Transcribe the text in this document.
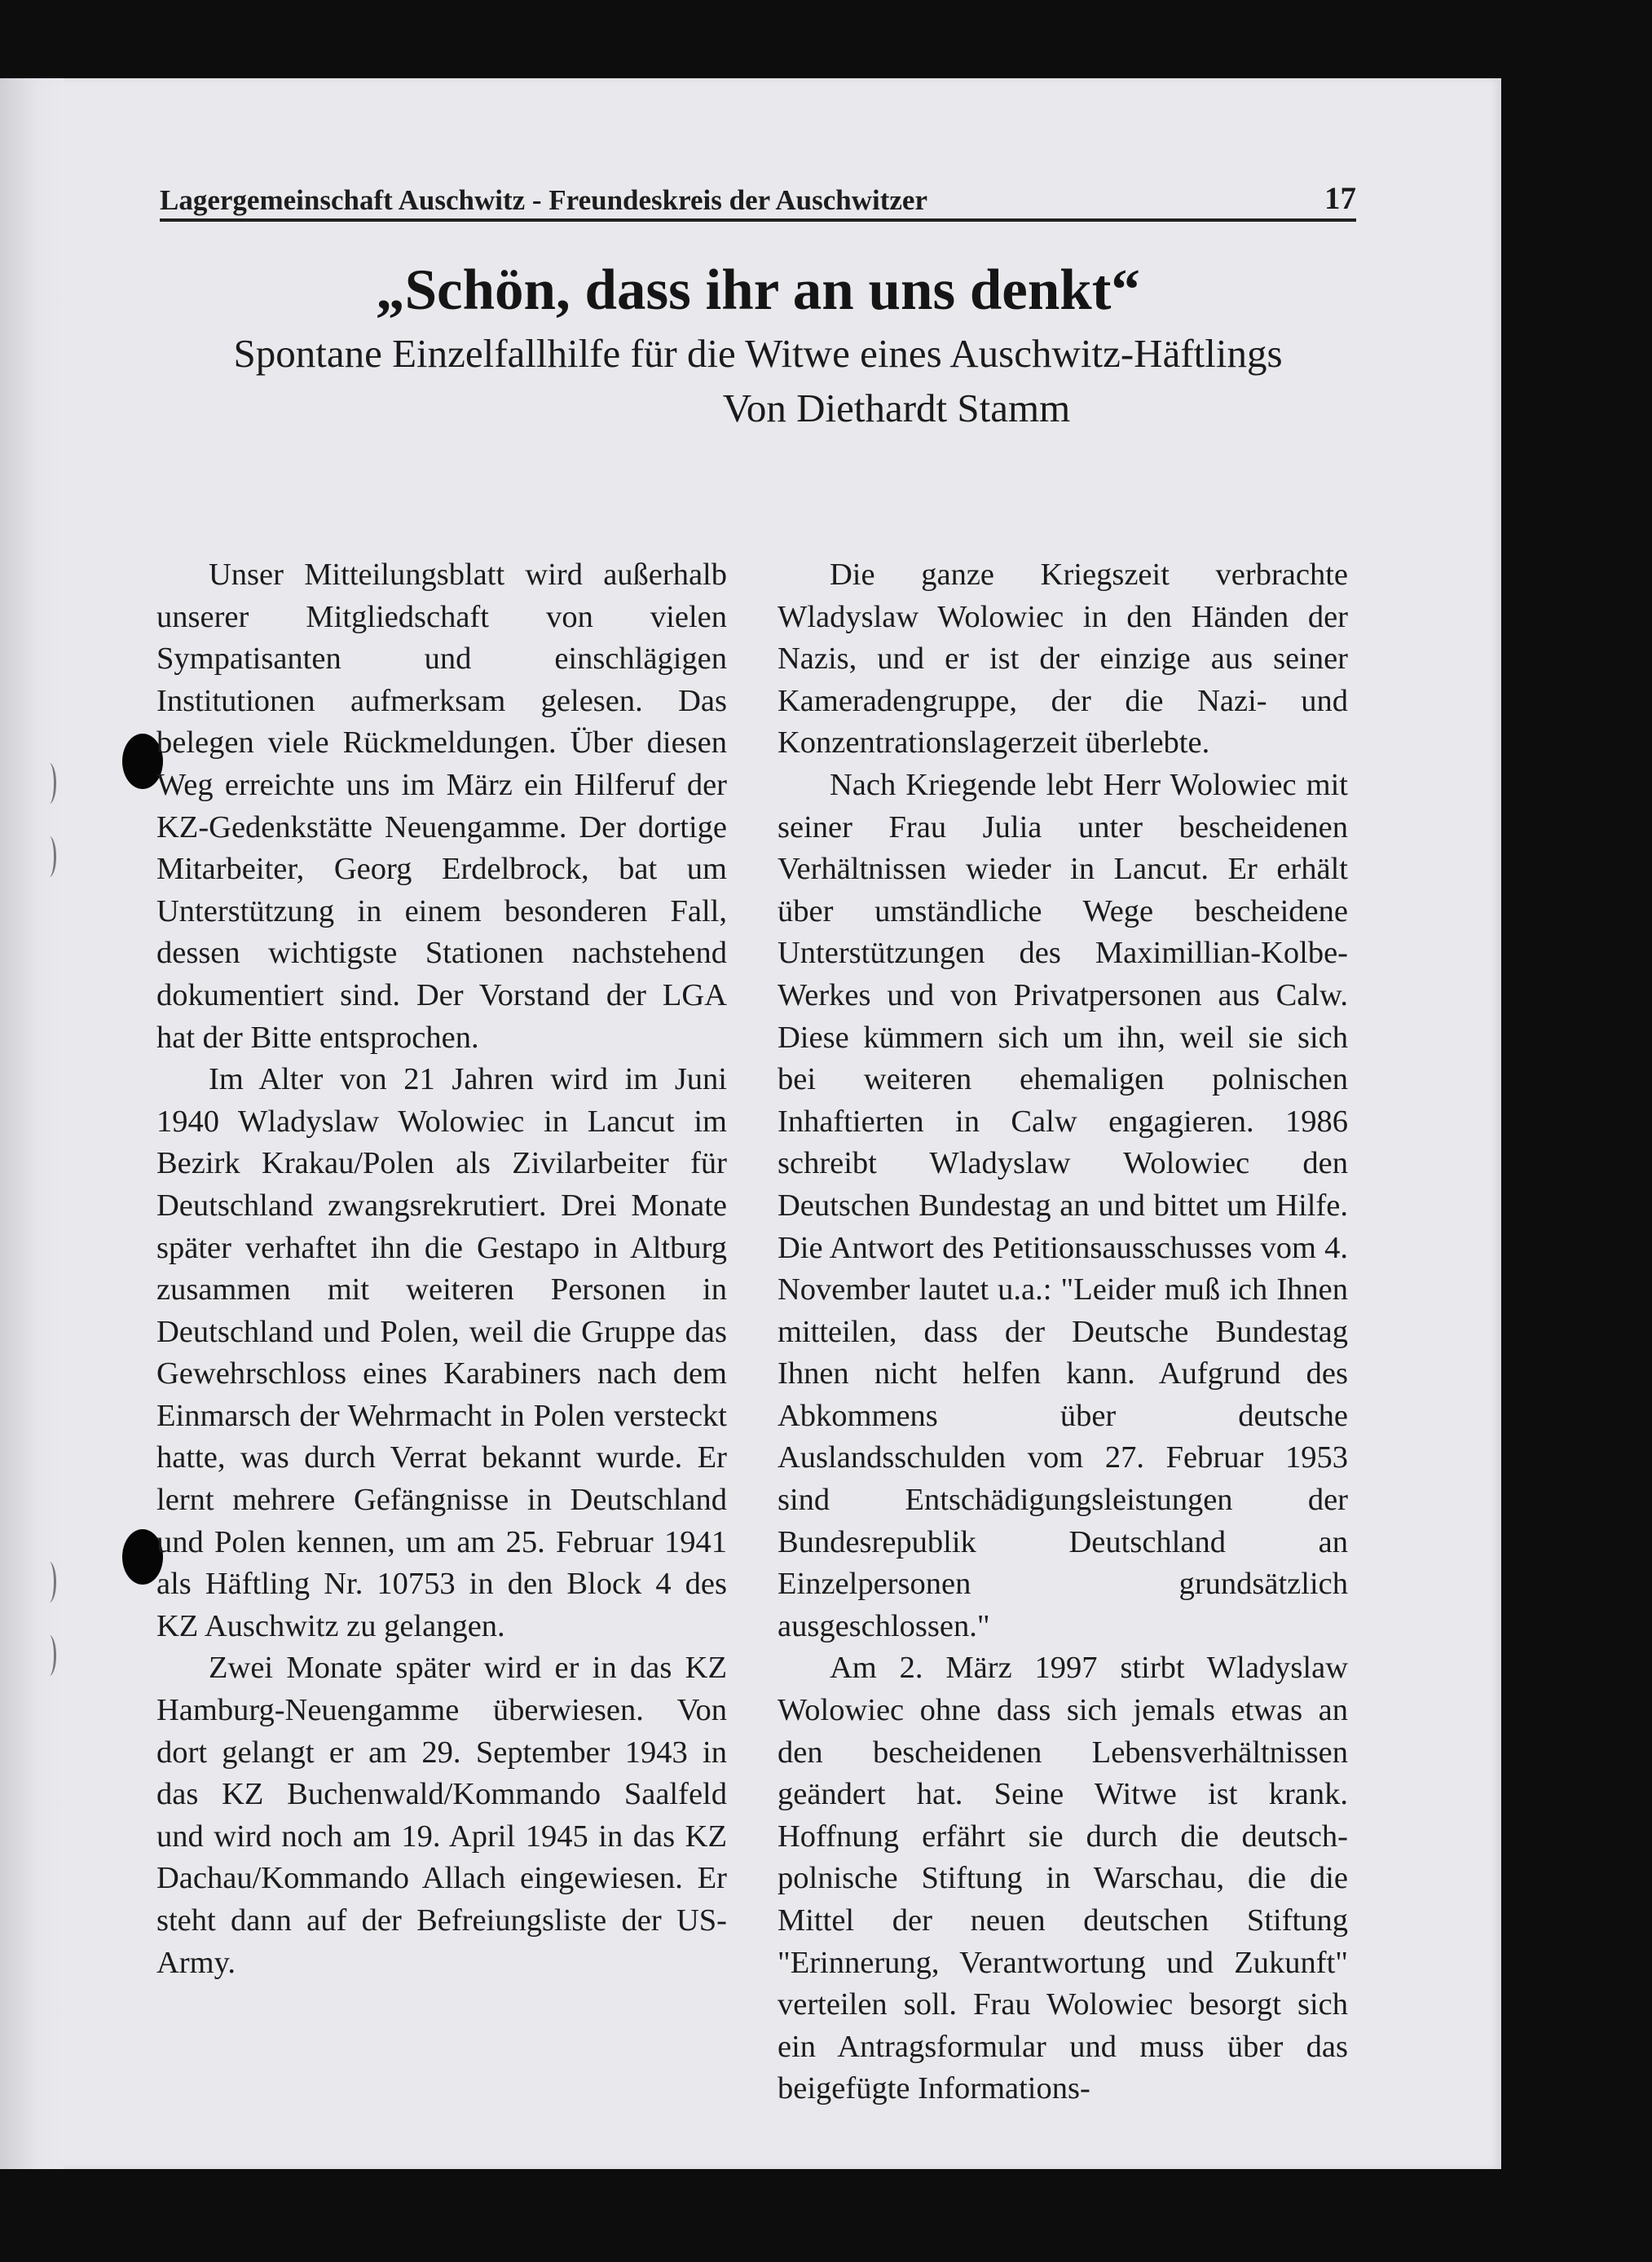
Lagergemeinschaft Auschwitz - Freundeskreis der Auschwitzer	17
„Schön, dass ihr an uns denkt“
Spontane Einzelfallhilfe für die Witwe eines Auschwitz-Häftlings
Von Diethardt Stamm

Unser Mitteilungsblatt wird außerhalb unserer Mitgliedschaft von vielen Sympatisanten und einschlägigen Institutionen aufmerksam gelesen. Das belegen viele Rückmeldungen. Über diesen Weg erreichte uns im März ein Hilferuf der KZ-Gedenkstätte Neuengamme. Der dortige Mitarbeiter, Georg Erdelbrock, bat um Unterstützung in einem besonderen Fall, dessen wichtigste Stationen nachstehend dokumentiert sind. Der Vorstand der LGA hat der Bitte entsprochen.

Im Alter von 21 Jahren wird im Juni 1940 Wladyslaw Wolowiec in Lancut im Bezirk Krakau/Polen als Zivilarbeiter für Deutschland zwangsrekrutiert. Drei Monate später verhaftet ihn die Gestapo in Altburg zusammen mit weiteren Personen in Deutschland und Polen, weil die Gruppe das Gewehrschloss eines Karabiners nach dem Einmarsch der Wehrmacht in Polen versteckt hatte, was durch Verrat bekannt wurde. Er lernt mehrere Gefängnisse in Deutschland und Polen kennen, um am 25. Februar 1941 als Häftling Nr. 10753 in den Block 4 des KZ Auschwitz zu gelangen.

Zwei Monate später wird er in das KZ Hamburg-Neuengamme überwiesen. Von dort gelangt er am 29. September 1943 in das KZ Buchenwald/Kommando Saalfeld und wird noch am 19. April 1945 in das KZ Dachau/Kommando Allach eingewiesen. Er steht dann auf der Befreiungsliste der US-Army.

Die ganze Kriegszeit verbrachte Wladyslaw Wolowiec in den Händen der Nazis, und er ist der einzige aus seiner Kameradengruppe, der die Nazi- und Konzentrationslagerzeit überlebte.

Nach Kriegende lebt Herr Wolowiec mit seiner Frau Julia unter bescheidenen Verhältnissen wieder in Lancut. Er erhält über umständliche Wege bescheidene Unterstützungen des Maximillian-Kolbe-Werkes und von Privatpersonen aus Calw. Diese kümmern sich um ihn, weil sie sich bei weiteren ehemaligen polnischen Inhaftierten in Calw engagieren. 1986 schreibt Wladyslaw Wolowiec den Deutschen Bundestag an und bittet um Hilfe. Die Antwort des Petitionsausschusses vom 4. November lautet u.a.: "Leider muß ich Ihnen mitteilen, dass der Deutsche Bundestag Ihnen nicht helfen kann. Aufgrund des Abkommens über deutsche Auslandsschulden vom 27. Februar 1953 sind Entschädigungsleistungen der Bundesrepublik Deutschland an Einzelpersonen grundsätzlich ausgeschlossen."

Am 2. März 1997 stirbt Wladyslaw Wolowiec ohne dass sich jemals etwas an den bescheidenen Lebensverhältnissen geändert hat. Seine Witwe ist krank. Hoffnung erfährt sie durch die deutsch-polnische Stiftung in Warschau, die die Mittel der neuen deutschen Stiftung "Erinnerung, Verantwortung und Zukunft" verteilen soll. Frau Wolowiec besorgt sich ein Antragsformular und muss über das beigefügte Informations-
